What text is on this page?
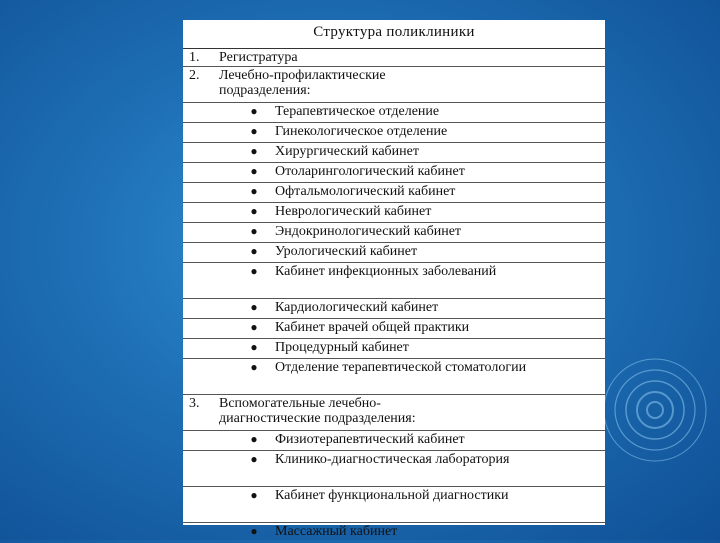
Структура поликлиники
1.	Регистратура
2.	Лечебно-профилактические
подразделения:
●	Терапевтическое отделение
●	Гинекологическое отделение
●	Хирургический кабинет
●	Отоларингологический кабинет
●	Офтальмологический кабинет
●	Неврологический кабинет
●	Эндокринологический кабинет
●	Урологический кабинет
●	Кабинет инфекционных заболеваний
●	Кардиологический кабинет
●	Кабинет врачей общей практики
●	Процедурный кабинет
●	Отделение терапевтической стоматологии
3.	Вспомогательные лечебно-
диагностические подразделения:
●	Физиотерапевтический кабинет
●	Клинико-диагностическая лаборатория
●	Кабинет функциональной диагностики
●	Массажный кабинет
